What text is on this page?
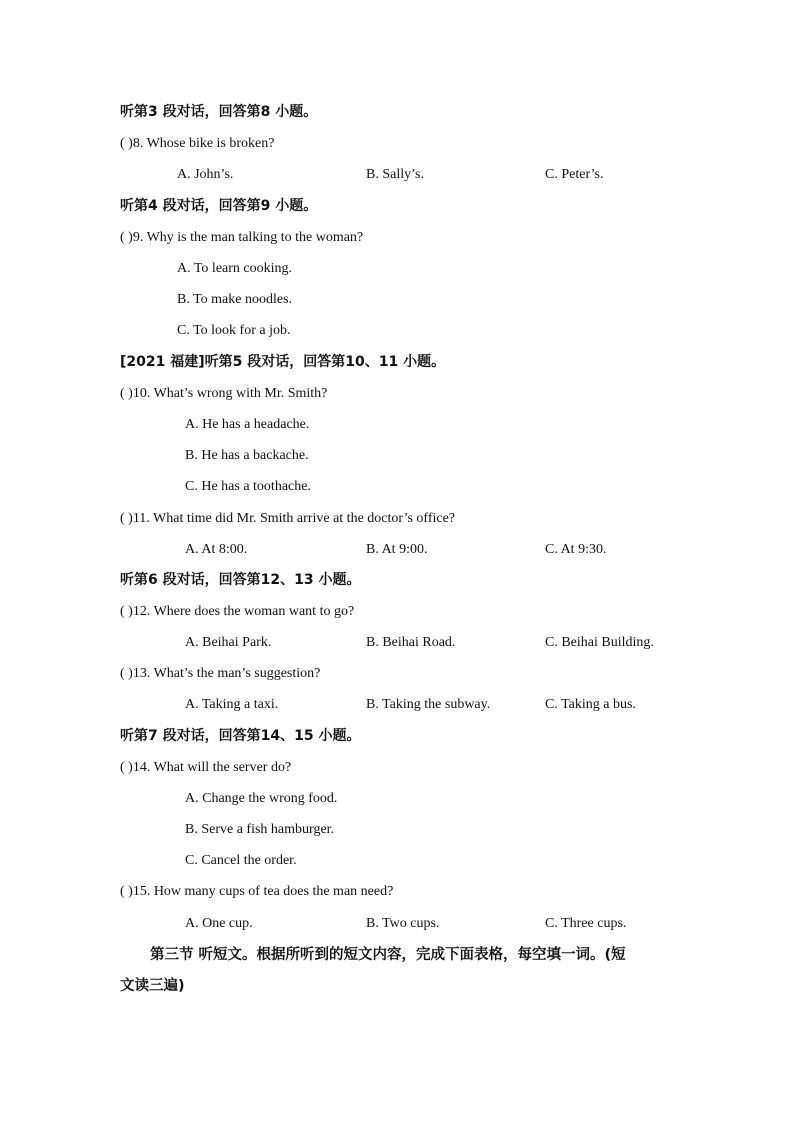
听第3 段对话，回答第8 小题。
( )8. Whose bike is broken?
A. John’s.	B. Sally’s.	C. Peter’s.
听第4 段对话，回答第9 小题。
( )9. Why is the man talking to the woman?
A. To learn cooking.
B. To make noodles.
C. To look for a job.
[2021 福建]听第5 段对话，回答第10、11 小题。
( )10. What’s wrong with Mr. Smith?
A. He has a headache.
B. He has a backache.
C. He has a toothache.
( )11. What time did Mr. Smith arrive at the doctor’s office?
A. At 8:00.	B. At 9:00.	C. At 9:30.
听第6 段对话，回答第12、13 小题。
( )12. Where does the woman want to go?
A. Beihai Park.	B. Beihai Road.	C. Beihai Building.
( )13. What’s the man’s suggestion?
A. Taking a taxi.	B. Taking the subway.	C. Taking a bus.
听第7 段对话，回答第14、15 小题。
( )14. What will the server do?
A. Change the wrong food.
B. Serve a fish hamburger.
C. Cancel the order.
( )15. How many cups of tea does the man need?
A. One cup.	B. Two cups.	C. Three cups.
第三节 听短文。根据所听到的短文内容，完成下面表格，每空填一词。(短
文读三遍)
